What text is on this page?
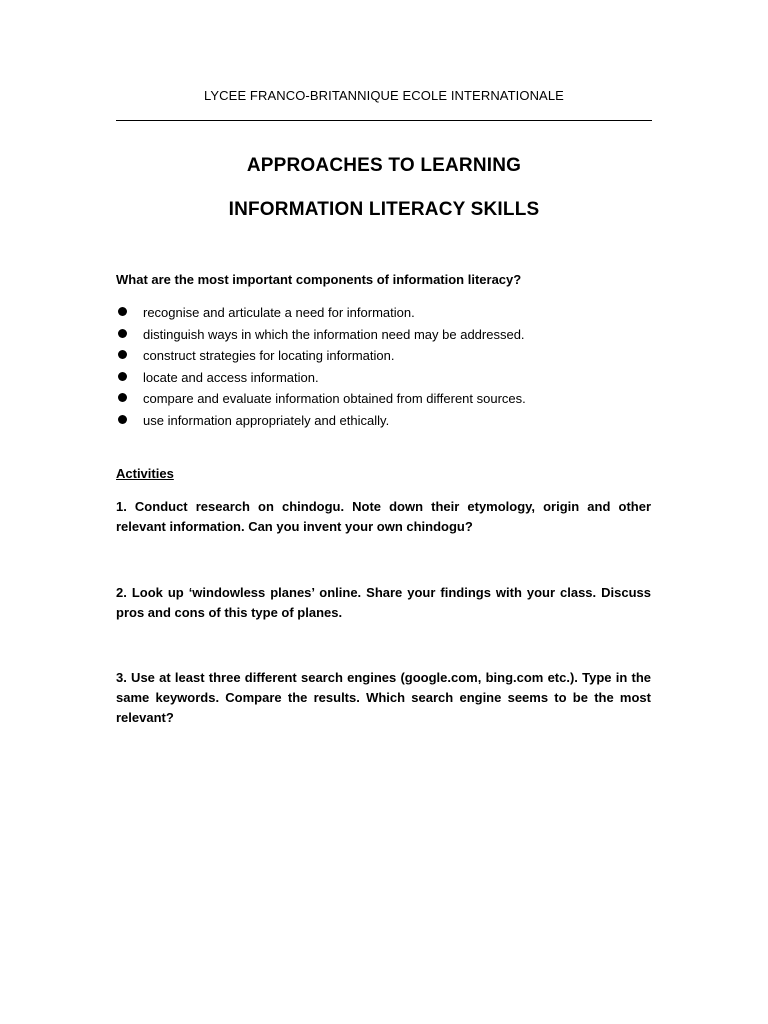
LYCEE FRANCO-BRITANNIQUE ECOLE INTERNATIONALE
APPROACHES TO LEARNING
INFORMATION LITERACY SKILLS
What are the most important components of information literacy?
recognise and articulate a need for information.
distinguish ways in which the information need may be addressed.
construct strategies for locating information.
locate and access information.
compare and evaluate information obtained from different sources.
use information appropriately and ethically.
Activities

1. Conduct research on chindogu. Note down their etymology, origin and other relevant information. Can you invent your own chindogu?

2. Look up ‘windowless planes’ online. Share your findings with your class. Discuss pros and cons of this type of planes.

3. Use at least three different search engines (google.com, bing.com etc.). Type in the same keywords. Compare the results. Which search engine seems to be the most relevant?
